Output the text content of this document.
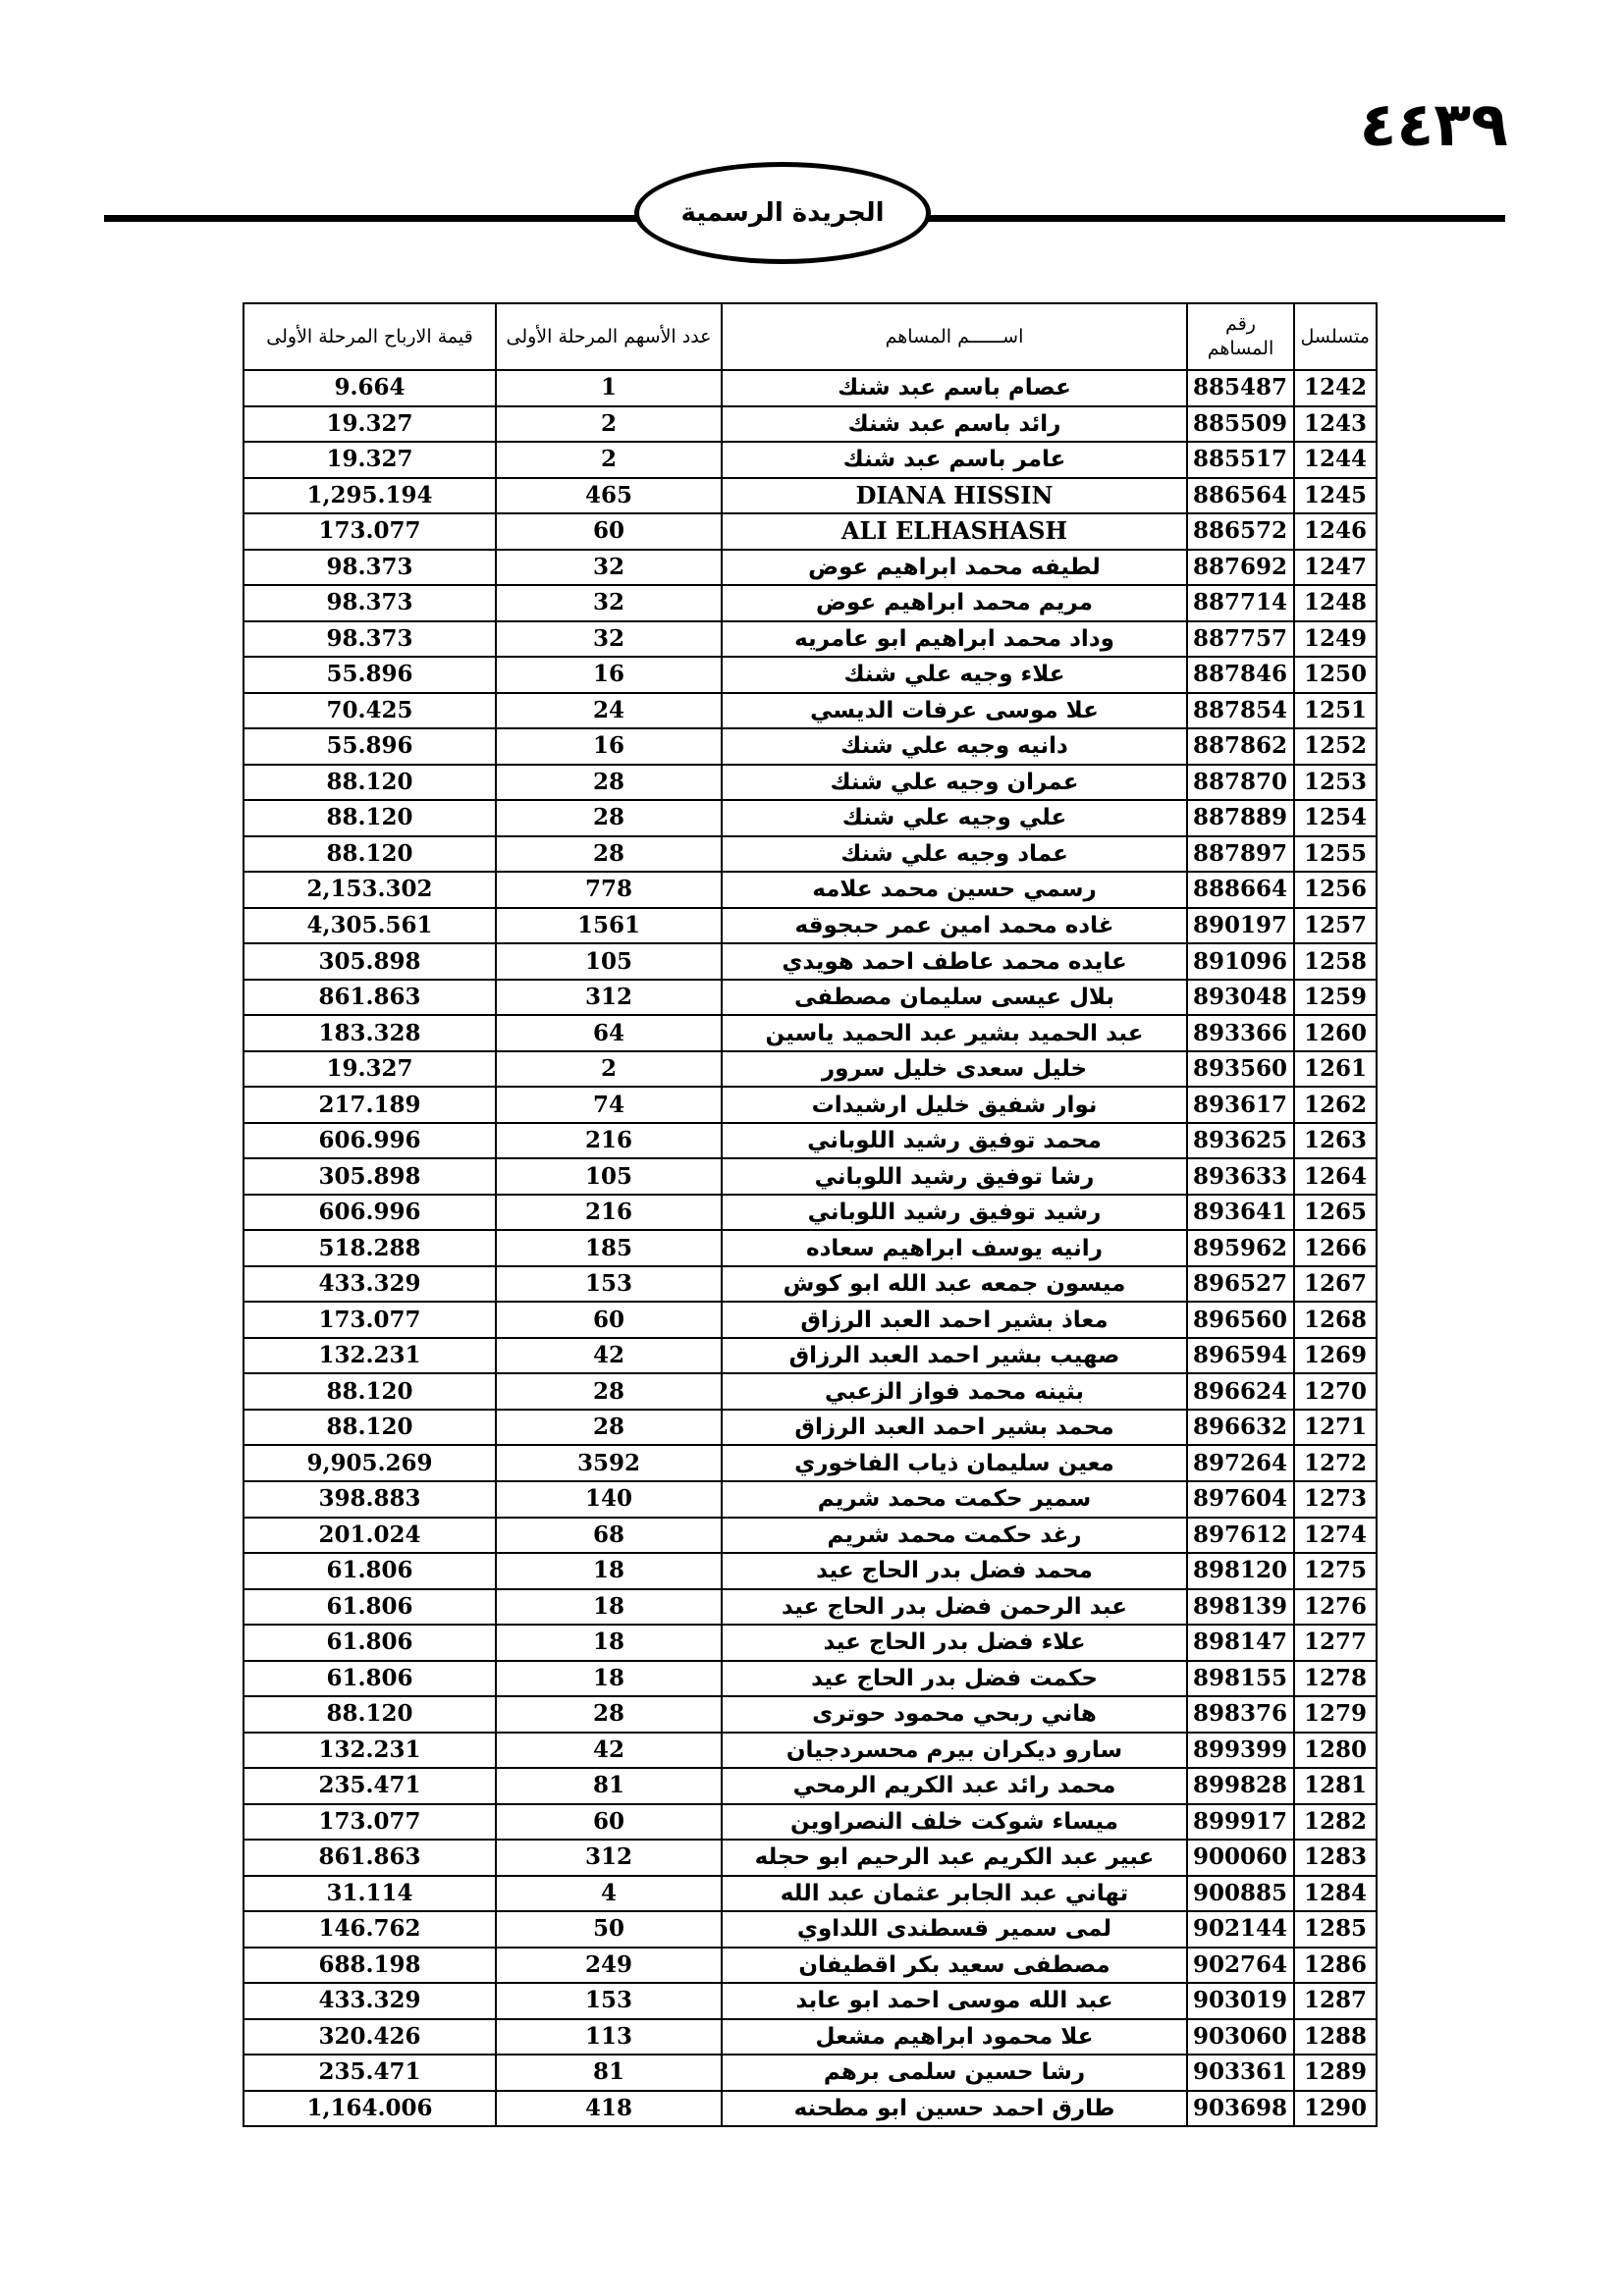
٤٤٣٩
الجريدة الرسمية
متسلسل	رقم المساهم	اســــــم المساهم	عدد الأسهم المرحلة الأولى	قيمة الارباح المرحلة الأولى
1242	885487	عصام باسم عبد شنك	1	9.664
1243	885509	رائد باسم عبد شنك	2	19.327
1244	885517	عامر باسم عبد شنك	2	19.327
1245	886564	DIANA HISSIN	465	1,295.194
1246	886572	ALI ELHASHASH	60	173.077
1247	887692	لطيفه محمد ابراهيم عوض	32	98.373
1248	887714	مريم محمد ابراهيم عوض	32	98.373
1249	887757	وداد محمد ابراهيم ابو عامريه	32	98.373
1250	887846	علاء وجيه علي شنك	16	55.896
1251	887854	علا موسى عرفات الديسي	24	70.425
1252	887862	دانيه وجيه علي شنك	16	55.896
1253	887870	عمران وجيه علي شنك	28	88.120
1254	887889	علي وجيه علي شنك	28	88.120
1255	887897	عماد وجيه علي شنك	28	88.120
1256	888664	رسمي حسين محمد علامه	778	2,153.302
1257	890197	غاده محمد امين عمر حبجوقه	1561	4,305.561
1258	891096	عايده محمد عاطف احمد هويدي	105	305.898
1259	893048	بلال عيسى سليمان مصطفى	312	861.863
1260	893366	عبد الحميد بشير عبد الحميد ياسين	64	183.328
1261	893560	خليل سعدى خليل سرور	2	19.327
1262	893617	نوار شفيق خليل ارشيدات	74	217.189
1263	893625	محمد توفيق رشيد اللوباني	216	606.996
1264	893633	رشا توفيق رشيد اللوباني	105	305.898
1265	893641	رشيد توفيق رشيد اللوباني	216	606.996
1266	895962	رانيه يوسف ابراهيم سعاده	185	518.288
1267	896527	ميسون جمعه عبد الله ابو كوش	153	433.329
1268	896560	معاذ بشير احمد العبد الرزاق	60	173.077
1269	896594	صهيب بشير احمد العبد الرزاق	42	132.231
1270	896624	بثينه محمد فواز الزعبي	28	88.120
1271	896632	محمد بشير احمد العبد الرزاق	28	88.120
1272	897264	معين سليمان ذياب الفاخوري	3592	9,905.269
1273	897604	سمير حكمت محمد شريم	140	398.883
1274	897612	رغد حكمت محمد شريم	68	201.024
1275	898120	محمد فضل بدر الحاج عيد	18	61.806
1276	898139	عبد الرحمن فضل بدر الحاج عيد	18	61.806
1277	898147	علاء فضل بدر الحاج عيد	18	61.806
1278	898155	حكمت فضل بدر الحاج عيد	18	61.806
1279	898376	هاني ربحي محمود حوترى	28	88.120
1280	899399	سارو ديكران بيرم محسردجيان	42	132.231
1281	899828	محمد رائد عبد الكريم الرمحي	81	235.471
1282	899917	ميساء شوكت خلف النصراوين	60	173.077
1283	900060	عبير عبد الكريم عبد الرحيم ابو حجله	312	861.863
1284	900885	تهاني عبد الجابر عثمان عبد الله	4	31.114
1285	902144	لمى سمير قسطندى اللداوي	50	146.762
1286	902764	مصطفى سعيد بكر اقطيفان	249	688.198
1287	903019	عبد الله موسى احمد ابو عابد	153	433.329
1288	903060	علا محمود ابراهيم مشعل	113	320.426
1289	903361	رشا حسين سلمى برهم	81	235.471
1290	903698	طارق احمد حسين ابو مطحنه	418	1,164.006
